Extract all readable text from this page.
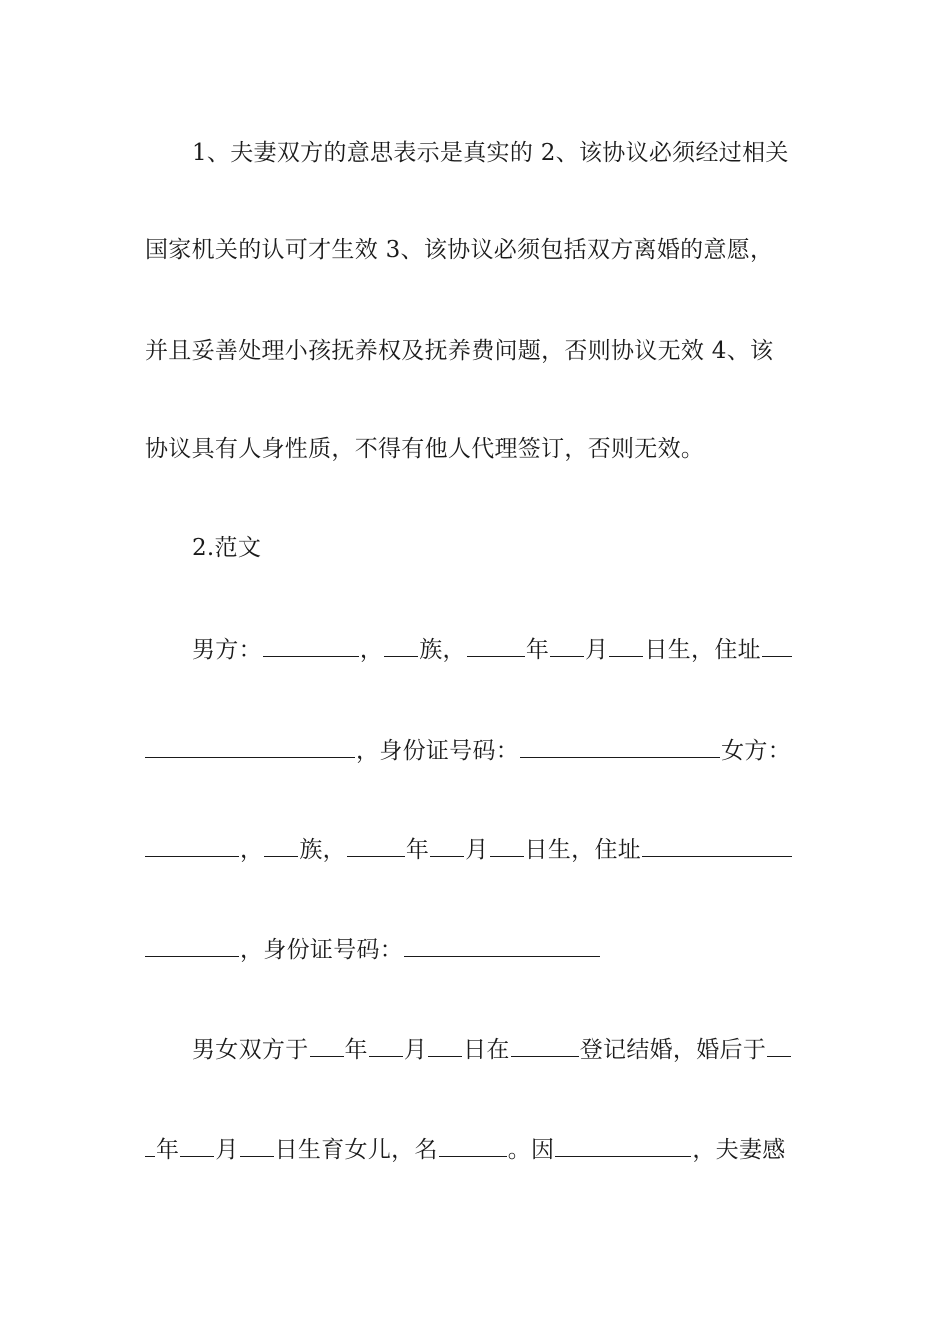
1、夫妻双方的意思表示是真实的 2、该协议必须经过相关
国家机关的认可才生效 3、该协议必须包括双方离婚的意愿，
并且妥善处理小孩抚养权及抚养费问题，否则协议无效 4、该
协议具有人身性质，不得有他人代理签订，否则无效。
2.范文
男方：	， 族，	年 月 日生，住址
，身份证号码：	女方：
， 族，	年 月 日生，住址
，身份证号码：
男女双方于 年 月 日在	登记结婚，婚后于
年 月 日生育女儿，名	。因	，夫妻感
